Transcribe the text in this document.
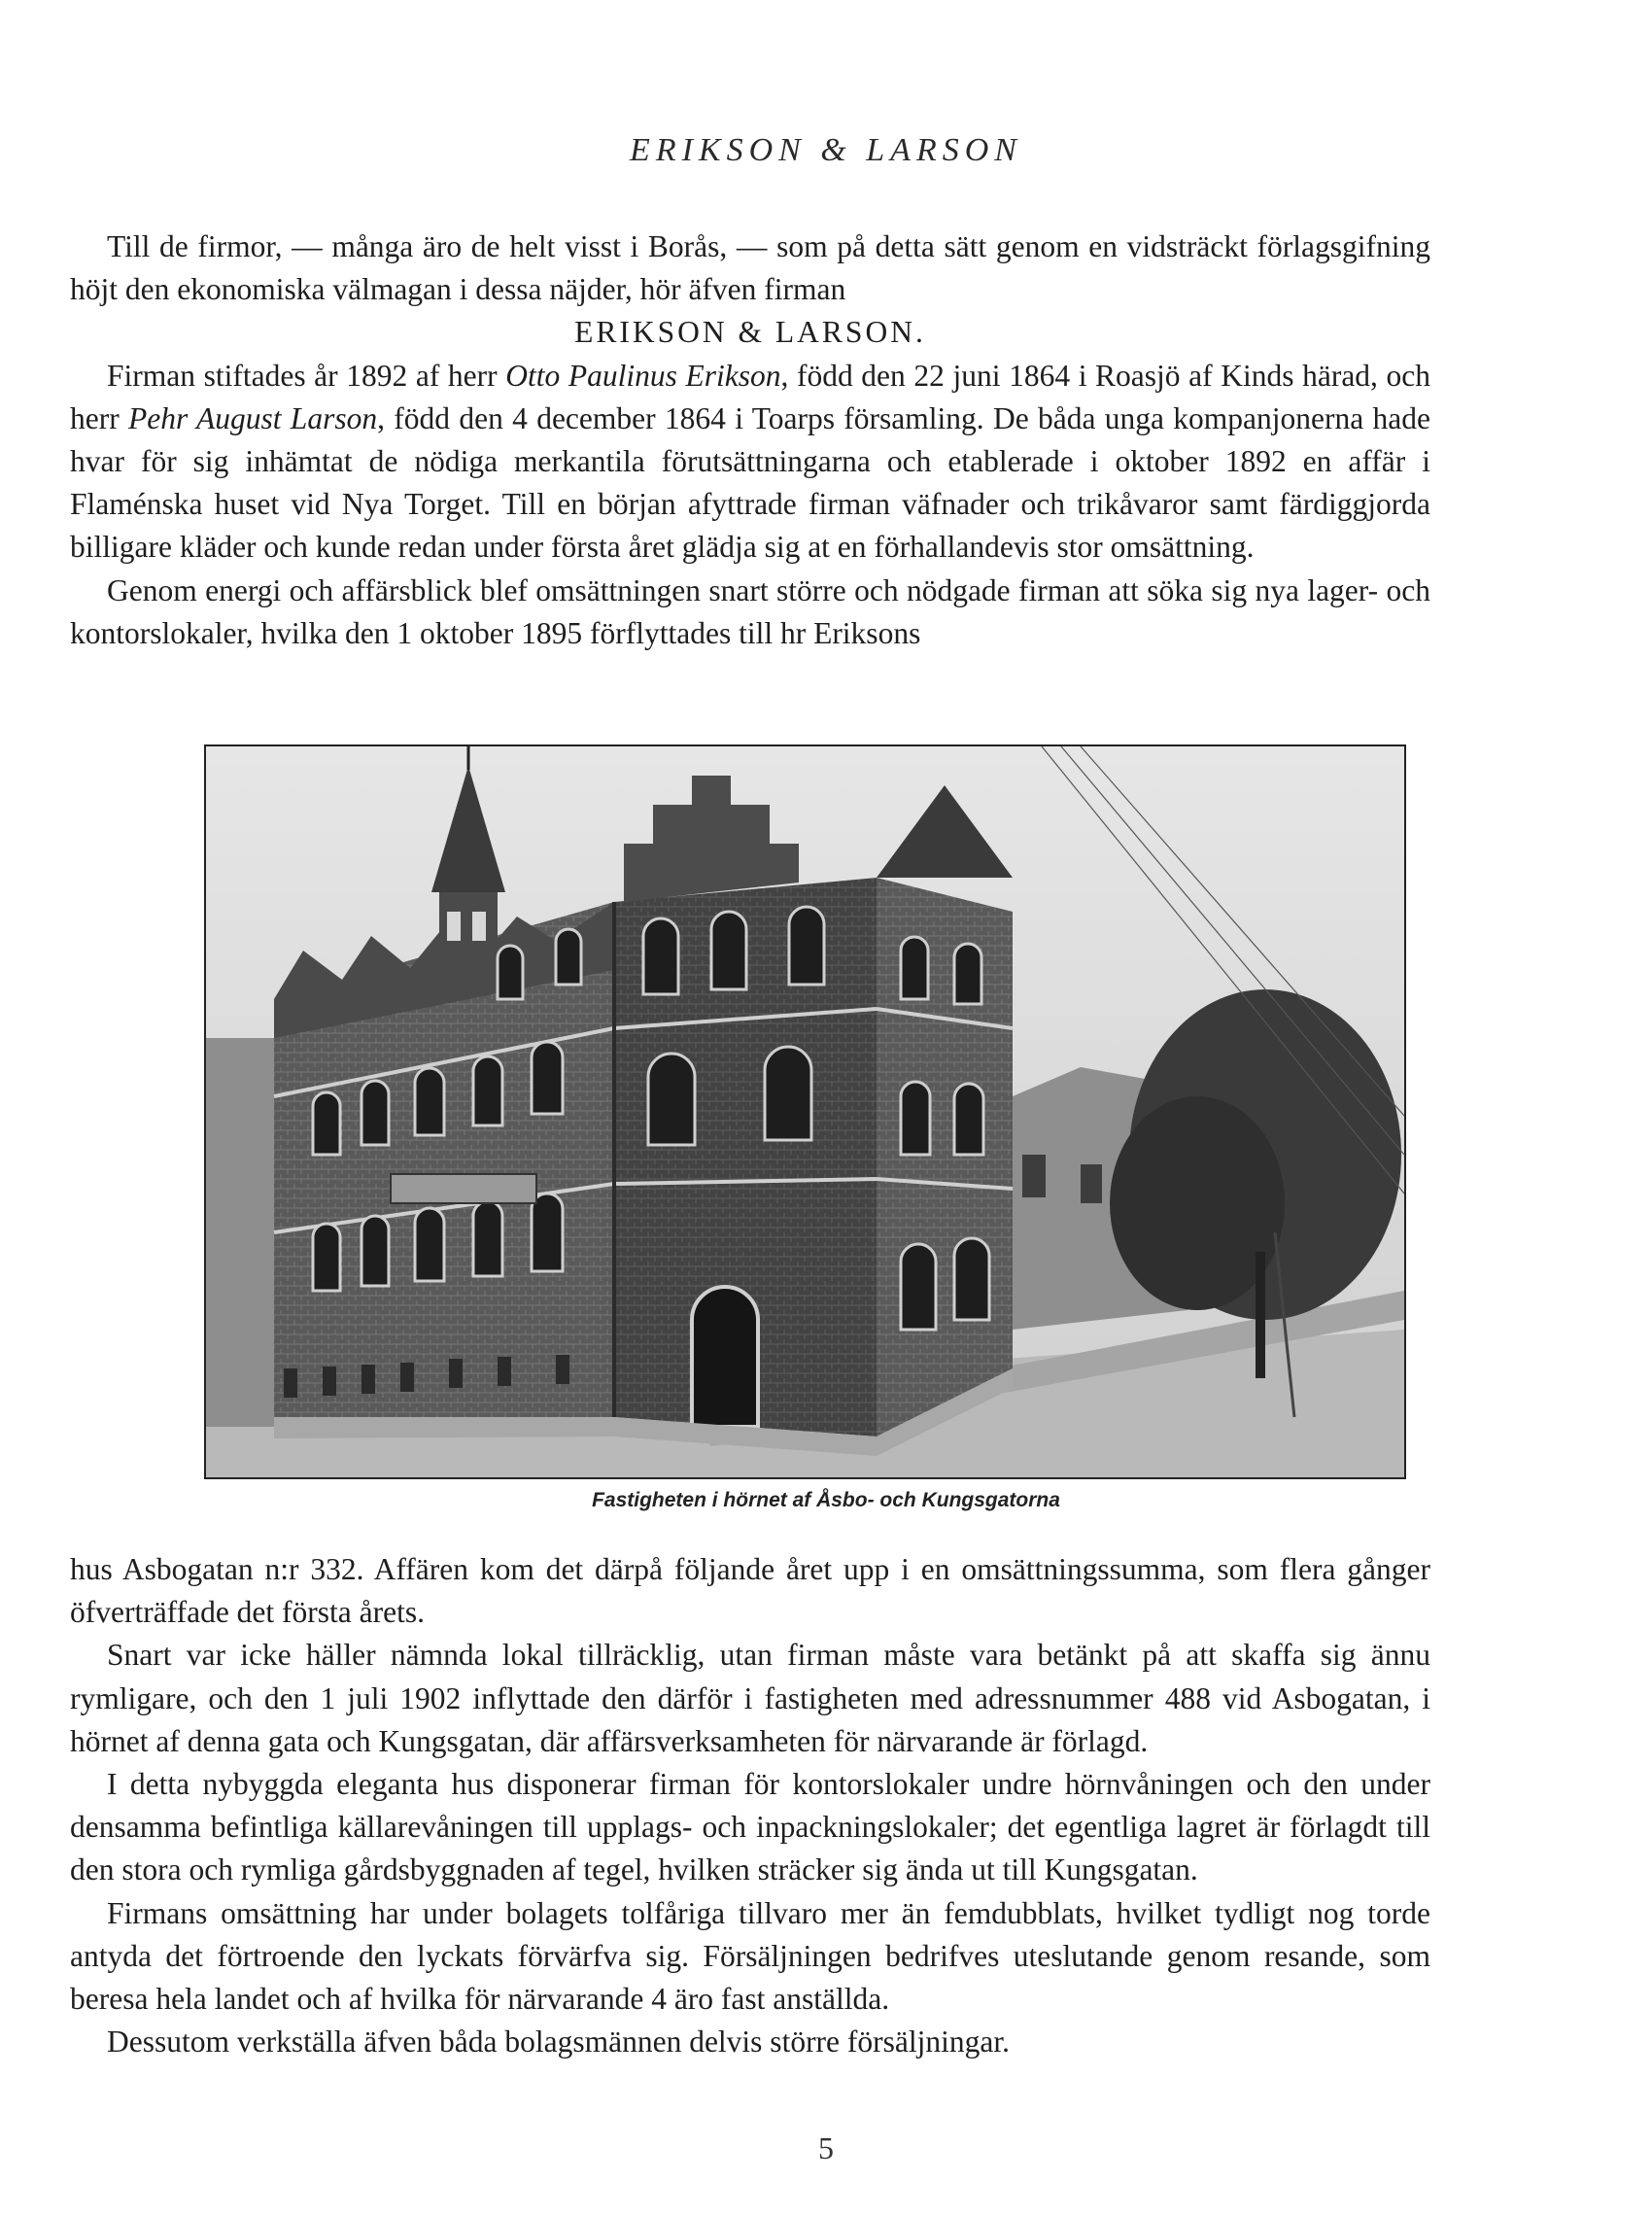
ERIKSON & LARSON

Till de firmor, — många äro de helt visst i Borås, — som på detta sätt genom en vidsträckt förlagsgifning höjt den ekonomiska välmagan i dessa näjder, hör äfven firman

ERIKSON & LARSON.

Firman stiftades år 1892 af herr Otto Paulinus Erikson, född den 22 juni 1864 i Roasjö af Kinds härad, och herr Pehr August Larson, född den 4 december 1864 i Toarps församling. De båda unga kompanjonerna hade hvar för sig inhämtat de nödiga merkantila förutsättningarna och etablerade i oktober 1892 en affär i Flaménska huset vid Nya Torget. Till en början afyttrade firman väfnader och trikåvaror samt färdiggjorda billigare kläder och kunde redan under första året glädja sig at en förhallandevis stor omsättning.

Genom energi och affärsblick blef omsättningen snart större och nödgade firman att söka sig nya lager- och kontorslokaler, hvilka den 1 oktober 1895 förflyttades till hr Eriksons

Fastigheten i hörnet af Åsbo- och Kungsgatorna

hus Asbogatan n:r 332. Affären kom det därpå följande året upp i en omsättningssumma, som flera gånger öfverträffade det första årets.

Snart var icke häller nämnda lokal tillräcklig, utan firman måste vara betänkt på att skaffa sig ännu rymligare, och den 1 juli 1902 inflyttade den därför i fastigheten med adressnummer 488 vid Asbogatan, i hörnet af denna gata och Kungsgatan, där affärsverksamheten för närvarande är förlagd.

I detta nybyggda eleganta hus disponerar firman för kontorslokaler undre hörnvåningen och den under densamma befintliga källarevåningen till upplags- och inpackningslokaler; det egentliga lagret är förlagdt till den stora och rymliga gårdsbyggnaden af tegel, hvilken sträcker sig ända ut till Kungsgatan.

Firmans omsättning har under bolagets tolfåriga tillvaro mer än femdubblats, hvilket tydligt nog torde antyda det förtroende den lyckats förvärfva sig. Försäljningen bedrifves uteslutande genom resande, som beresa hela landet och af hvilka för närvarande 4 äro fast anställda.

Dessutom verkställa äfven båda bolagsmännen delvis större försäljningar.

5
